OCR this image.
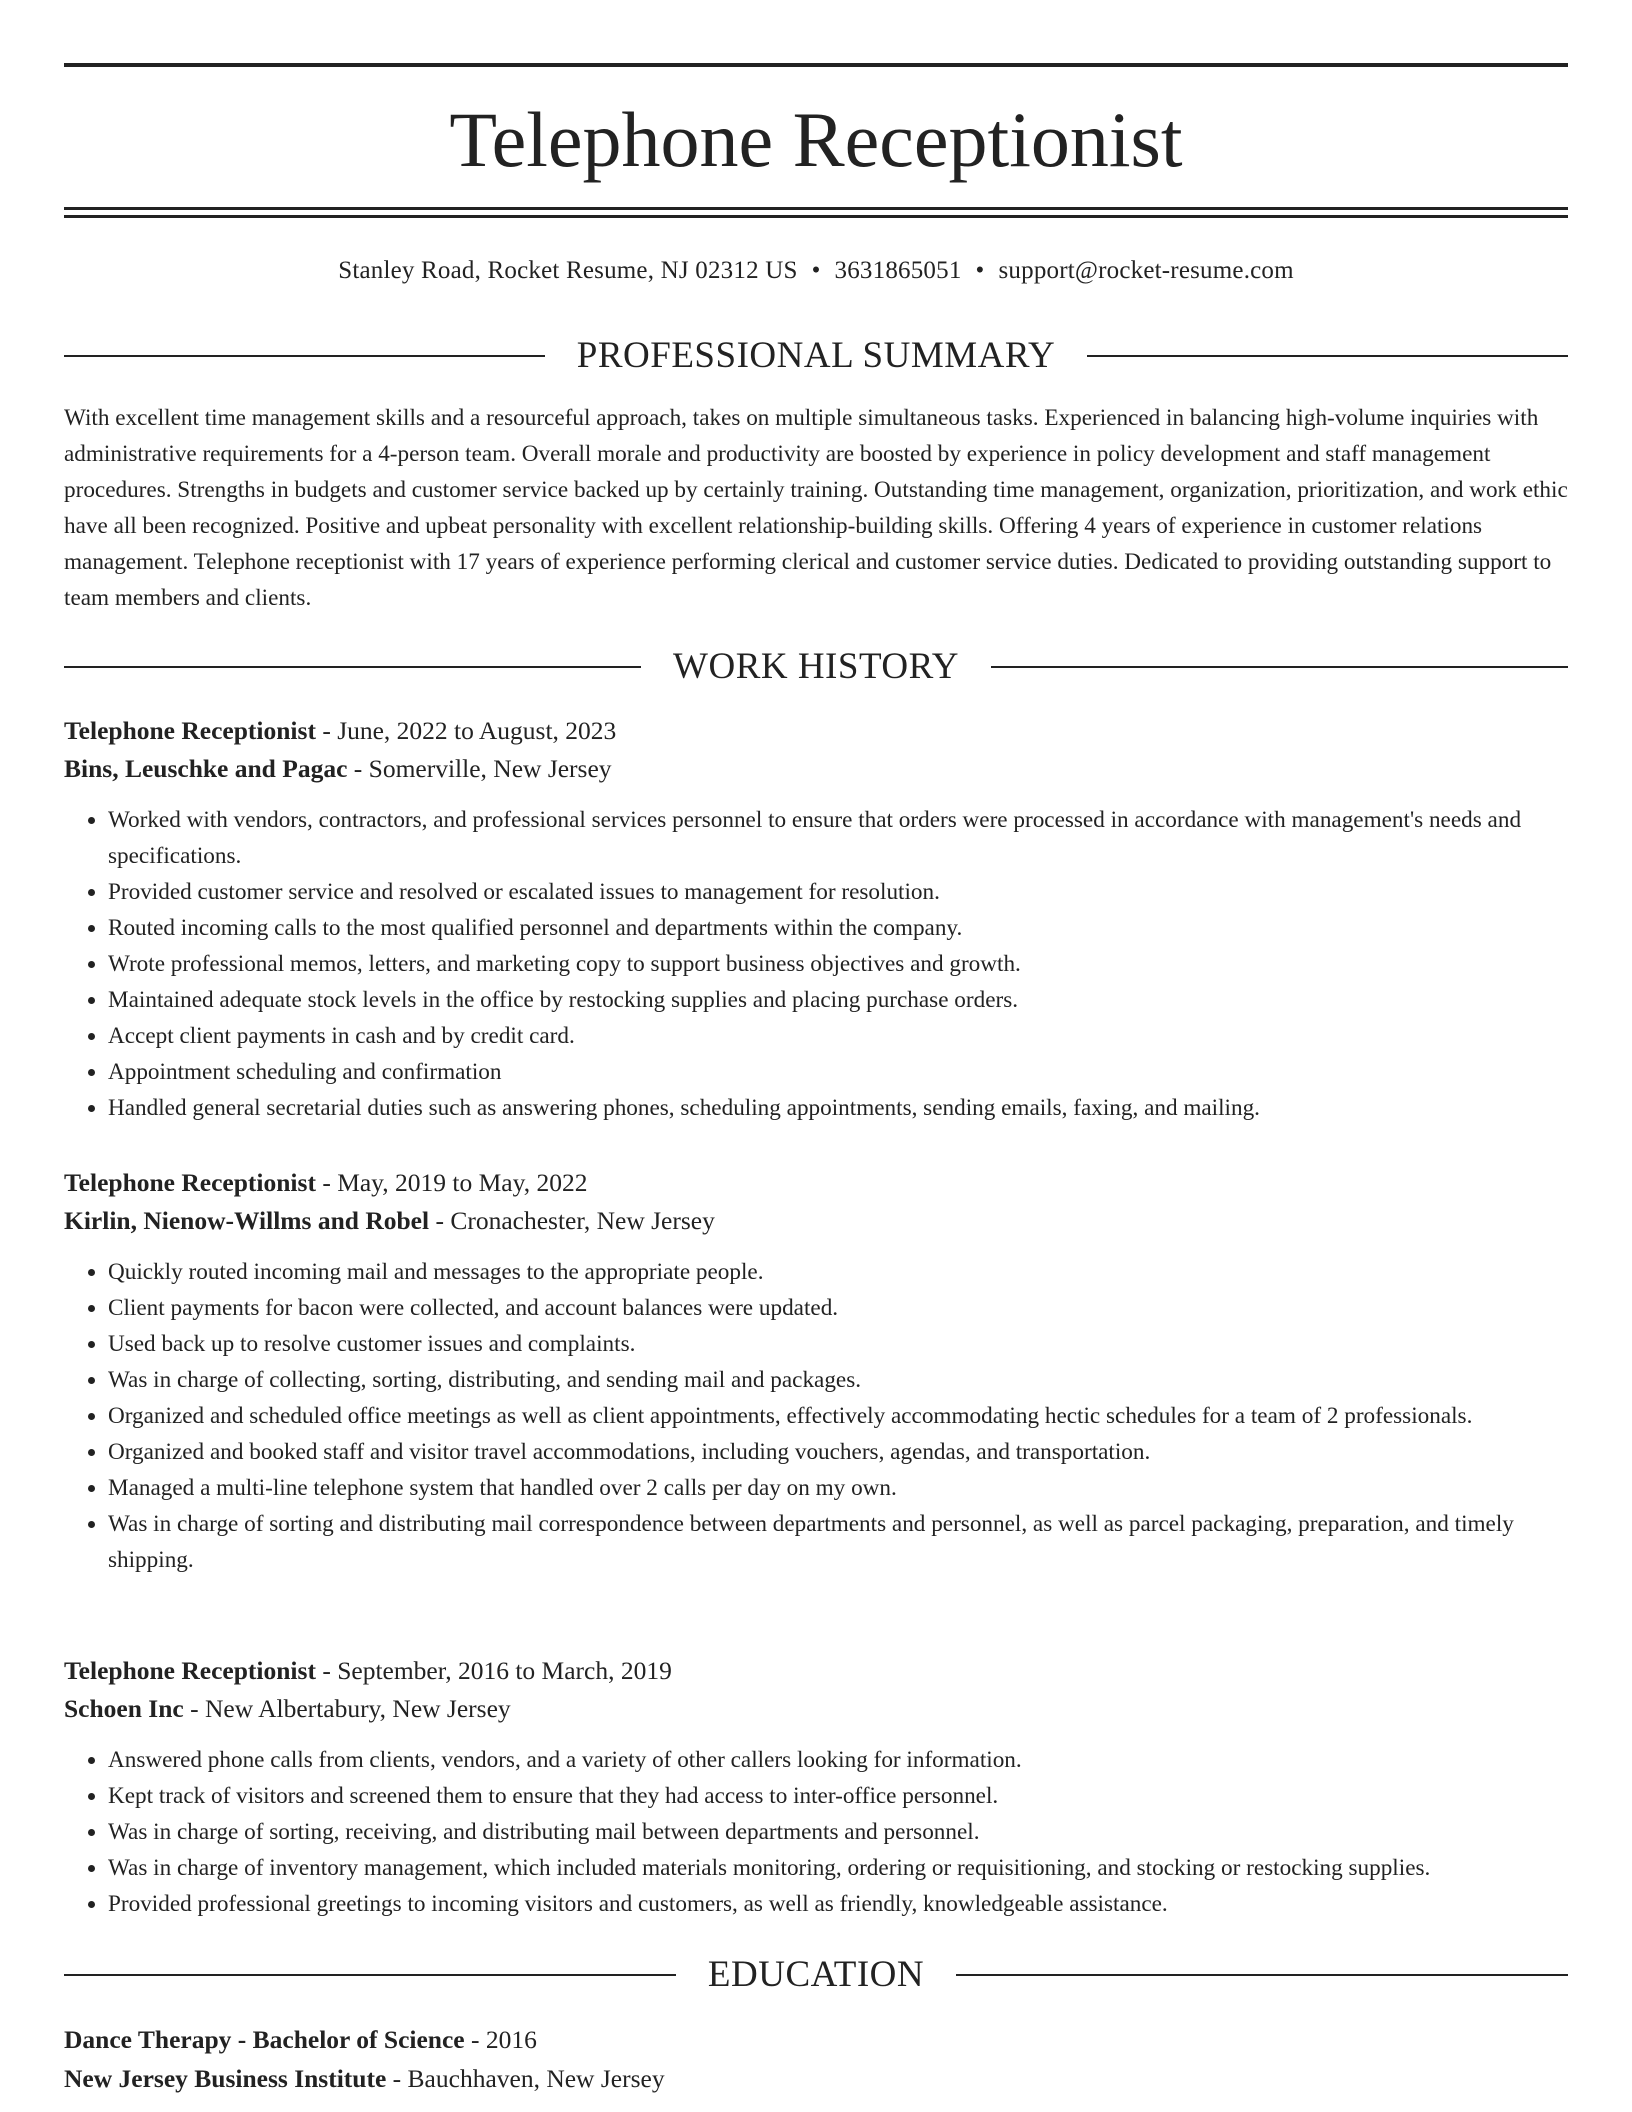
Telephone Receptionist
Stanley Road, Rocket Resume, NJ 02312 US • 3631865051 • support@rocket-resume.com
PROFESSIONAL SUMMARY

With excellent time management skills and a resourceful approach, takes on multiple simultaneous tasks. Experienced in balancing high-volume inquiries with administrative requirements for a 4-person team. Overall morale and productivity are boosted by experience in policy development and staff management procedures. Strengths in budgets and customer service backed up by certainly training. Outstanding time management, organization, prioritization, and work ethic have all been recognized. Positive and upbeat personality with excellent relationship-building skills. Offering 4 years of experience in customer relations management. Telephone receptionist with 17 years of experience performing clerical and customer service duties. Dedicated to providing outstanding support to team members and clients.

WORK HISTORY

Telephone Receptionist - June, 2022 to August, 2023

Bins, Leuschke and Pagac - Somerville, New Jersey

• Worked with vendors, contractors, and professional services personnel to ensure that orders were processed in accordance with management's needs and specifications.
• Provided customer service and resolved or escalated issues to management for resolution.
• Routed incoming calls to the most qualified personnel and departments within the company.
• Wrote professional memos, letters, and marketing copy to support business objectives and growth.
• Maintained adequate stock levels in the office by restocking supplies and placing purchase orders.
• Accept client payments in cash and by credit card.
• Appointment scheduling and confirmation
• Handled general secretarial duties such as answering phones, scheduling appointments, sending emails, faxing, and mailing.

Telephone Receptionist - May, 2019 to May, 2022

Kirlin, Nienow-Willms and Robel - Cronachester, New Jersey

• Quickly routed incoming mail and messages to the appropriate people.
• Client payments for bacon were collected, and account balances were updated.
• Used back up to resolve customer issues and complaints.
• Was in charge of collecting, sorting, distributing, and sending mail and packages.
• Organized and scheduled office meetings as well as client appointments, effectively accommodating hectic schedules for a team of 2 professionals.
• Organized and booked staff and visitor travel accommodations, including vouchers, agendas, and transportation.
• Managed a multi-line telephone system that handled over 2 calls per day on my own.
• Was in charge of sorting and distributing mail correspondence between departments and personnel, as well as parcel packaging, preparation, and timely shipping.

Telephone Receptionist - September, 2016 to March, 2019

Schoen Inc - New Albertabury, New Jersey

• Answered phone calls from clients, vendors, and a variety of other callers looking for information.
• Kept track of visitors and screened them to ensure that they had access to inter-office personnel.
• Was in charge of sorting, receiving, and distributing mail between departments and personnel.
• Was in charge of inventory management, which included materials monitoring, ordering or requisitioning, and stocking or restocking supplies.
• Provided professional greetings to incoming visitors and customers, as well as friendly, knowledgeable assistance.
EDUCATION

Dance Therapy - Bachelor of Science - 2016

New Jersey Business Institute - Bauchhaven, New Jersey
